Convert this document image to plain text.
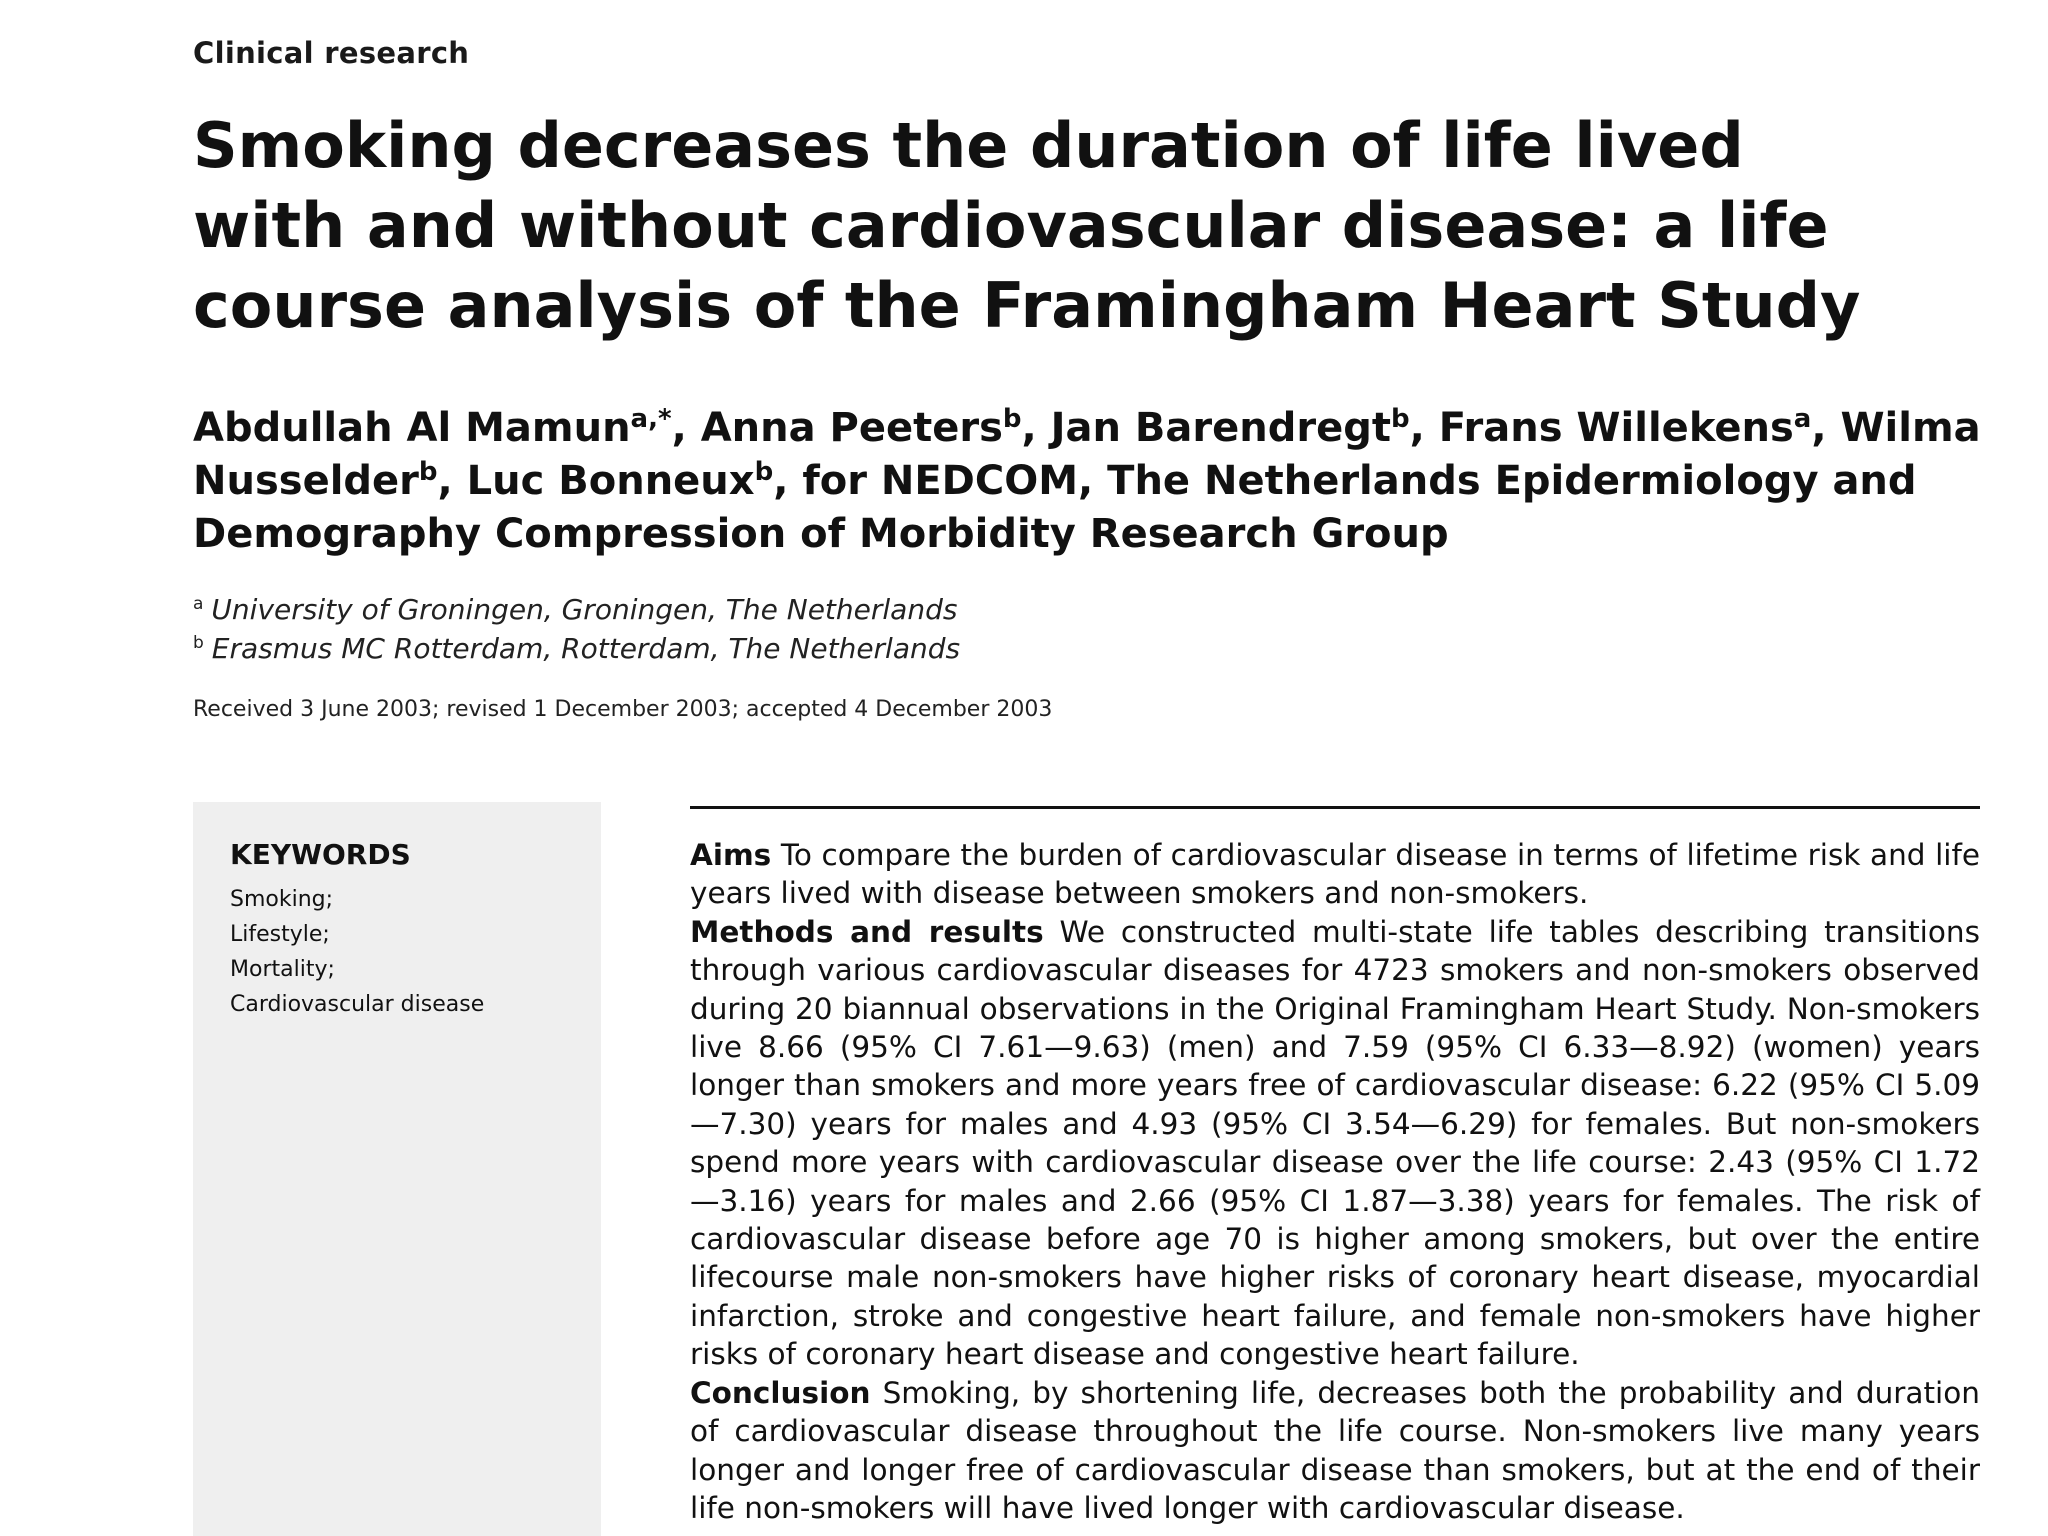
Clinical research
Smoking decreases the duration of life lived with and without cardiovascular disease: a life course analysis of the Framingham Heart Study
Abdullah Al Mamun$^{a,*}$, Anna Peeters$^b$, Jan Barendregt$^b$, Frans Willekens$^a$, Wilma Nusselder$^b$, Luc Bonneux$^b$, for NEDCOM, The Netherlands Epidermiology and Demography Compression of Morbidity Research Group
$^a$ University of Groningen, Groningen, The Netherlands
$^b$ Erasmus MC Rotterdam, Rotterdam, The Netherlands
Received 3 June 2003; revised 1 December 2003; accepted 4 December 2003
KEYWORDS
Smoking;
Lifestyle;
Mortality;
Cardiovascular disease

Aims To compare the burden of cardiovascular disease in terms of lifetime risk and life years lived with disease between smokers and non-smokers.

Methods and results We constructed multi-state life tables describing transitions through various cardiovascular diseases for 4723 smokers and non-smokers observed during 20 biannual observations in the Original Framingham Heart Study. Non-smokers live 8.66 (95% CI 7.61—9.63) (men) and 7.59 (95% CI 6.33—8.92) (women) years longer than smokers and more years free of cardiovascular disease: 6.22 (95% CI 5.09—7.30) years for males and 4.93 (95% CI 3.54—6.29) for females. But non-smokers spend more years with cardiovascular disease over the life course: 2.43 (95% CI 1.72—3.16) years for males and 2.66 (95% CI 1.87—3.38) years for females. The risk of cardiovascular disease before age 70 is higher among smokers, but over the entire lifecourse male non-smokers have higher risks of coronary heart disease, myocardial infarction, stroke and congestive heart failure, and female non-smokers have higher risks of coronary heart disease and congestive heart failure.

Conclusion Smoking, by shortening life, decreases both the probability and duration of cardiovascular disease throughout the life course. Non-smokers live many years longer and longer free of cardiovascular disease than smokers, but at the end of their life non-smokers will have lived longer with cardiovascular disease.
